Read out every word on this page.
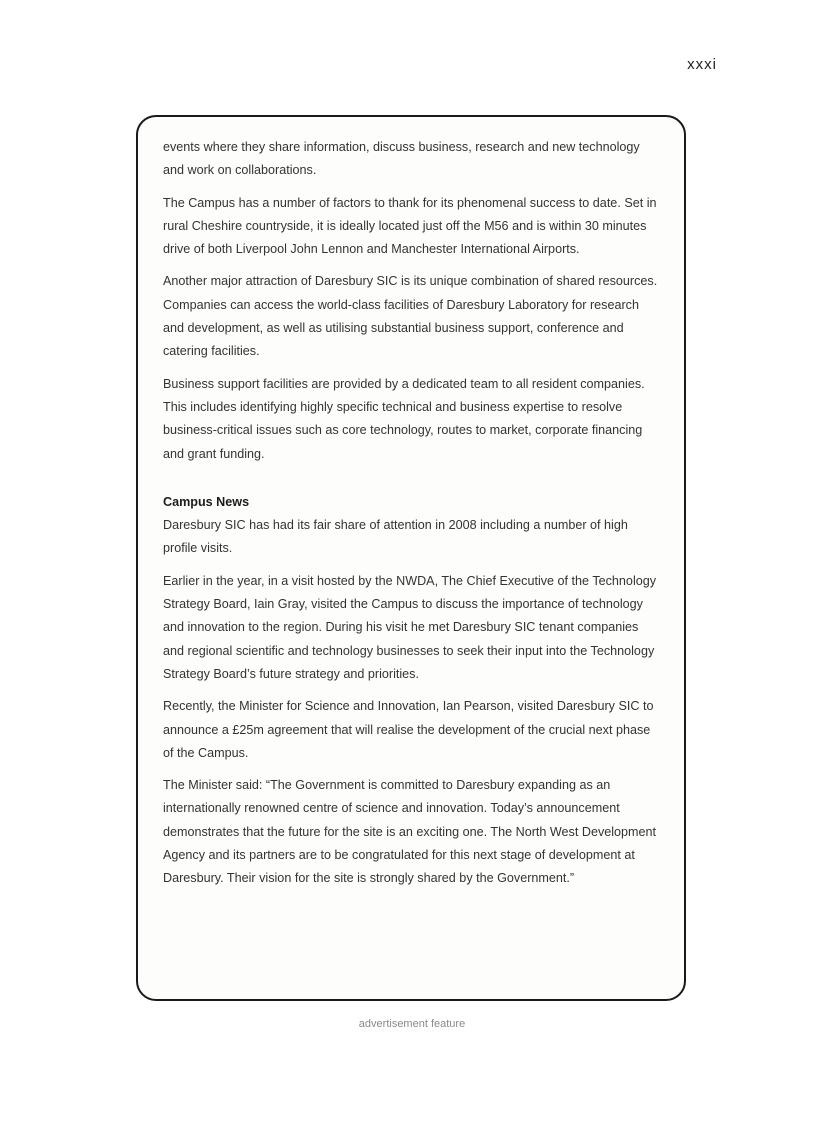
xxxi

events where they share information, discuss business, research and new technology and work on collaborations.

The Campus has a number of factors to thank for its phenomenal success to date. Set in rural Cheshire countryside, it is ideally located just off the M56 and is within 30 minutes drive of both Liverpool John Lennon and Manchester International Airports.

Another major attraction of Daresbury SIC is its unique combination of shared resources. Companies can access the world-class facilities of Daresbury Laboratory for research and development, as well as utilising substantial business support, conference and catering facilities.

Business support facilities are provided by a dedicated team to all resident companies. This includes identifying highly specific technical and business expertise to resolve business-critical issues such as core technology, routes to market, corporate financing and grant funding.

Campus News

Daresbury SIC has had its fair share of attention in 2008 including a number of high profile visits.

Earlier in the year, in a visit hosted by the NWDA, The Chief Executive of the Technology Strategy Board, Iain Gray, visited the Campus to discuss the importance of technology and innovation to the region. During his visit he met Daresbury SIC tenant companies and regional scientific and technology businesses to seek their input into the Technology Strategy Board’s future strategy and priorities.

Recently, the Minister for Science and Innovation, Ian Pearson, visited Daresbury SIC to announce a £25m agreement that will realise the development of the crucial next phase of the Campus.

The Minister said: “The Government is committed to Daresbury expanding as an internationally renowned centre of science and innovation. Today’s announcement demonstrates that the future for the site is an exciting one. The North West Development Agency and its partners are to be congratulated for this next stage of development at Daresbury. Their vision for the site is strongly shared by the Government.”

advertisement feature
